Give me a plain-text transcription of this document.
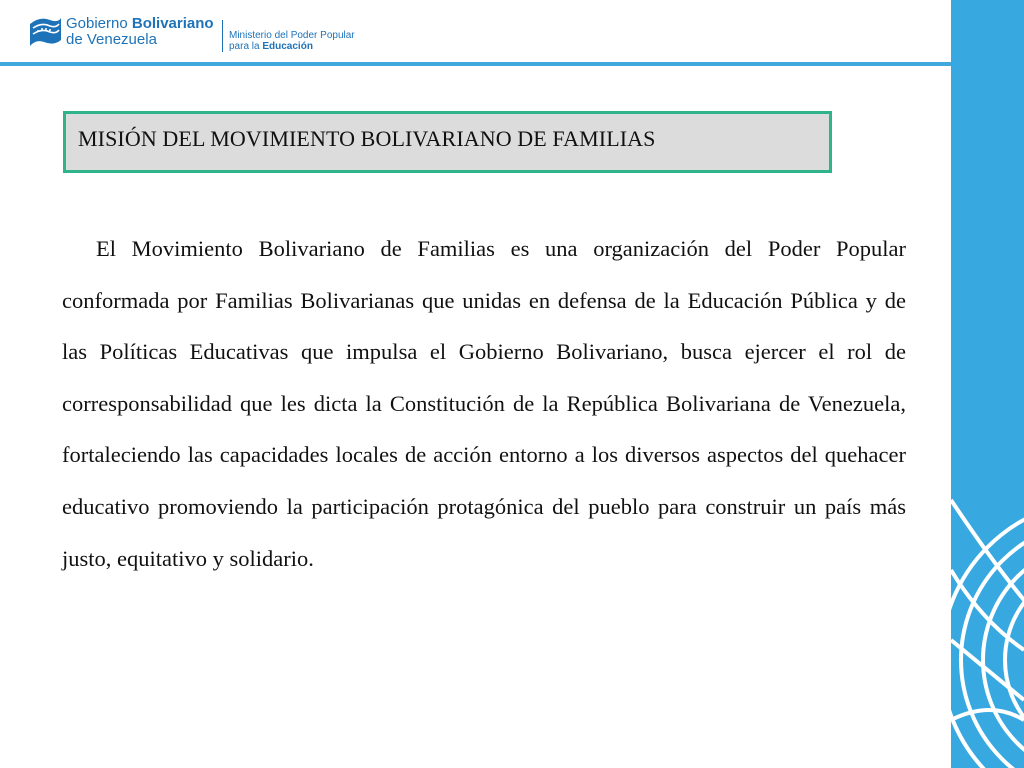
Gobierno Bolivariano
de Venezuela	Ministerio del Poder Popular
para la Educación
MISIÓN DEL MOVIMIENTO BOLIVARIANO DE FAMILIAS

El Movimiento Bolivariano de Familias es una organización del Poder Popular conformada por Familias Bolivarianas que unidas en defensa de la Educación Pública y de las Políticas Educativas que impulsa el Gobierno Bolivariano, busca ejercer el rol de corresponsabilidad que les dicta la Constitución de la República Bolivariana de Venezuela, fortaleciendo las capacidades locales de acción entorno a los diversos aspectos del quehacer educativo promoviendo la participación protagónica del pueblo para construir un país más justo, equitativo y solidario.
